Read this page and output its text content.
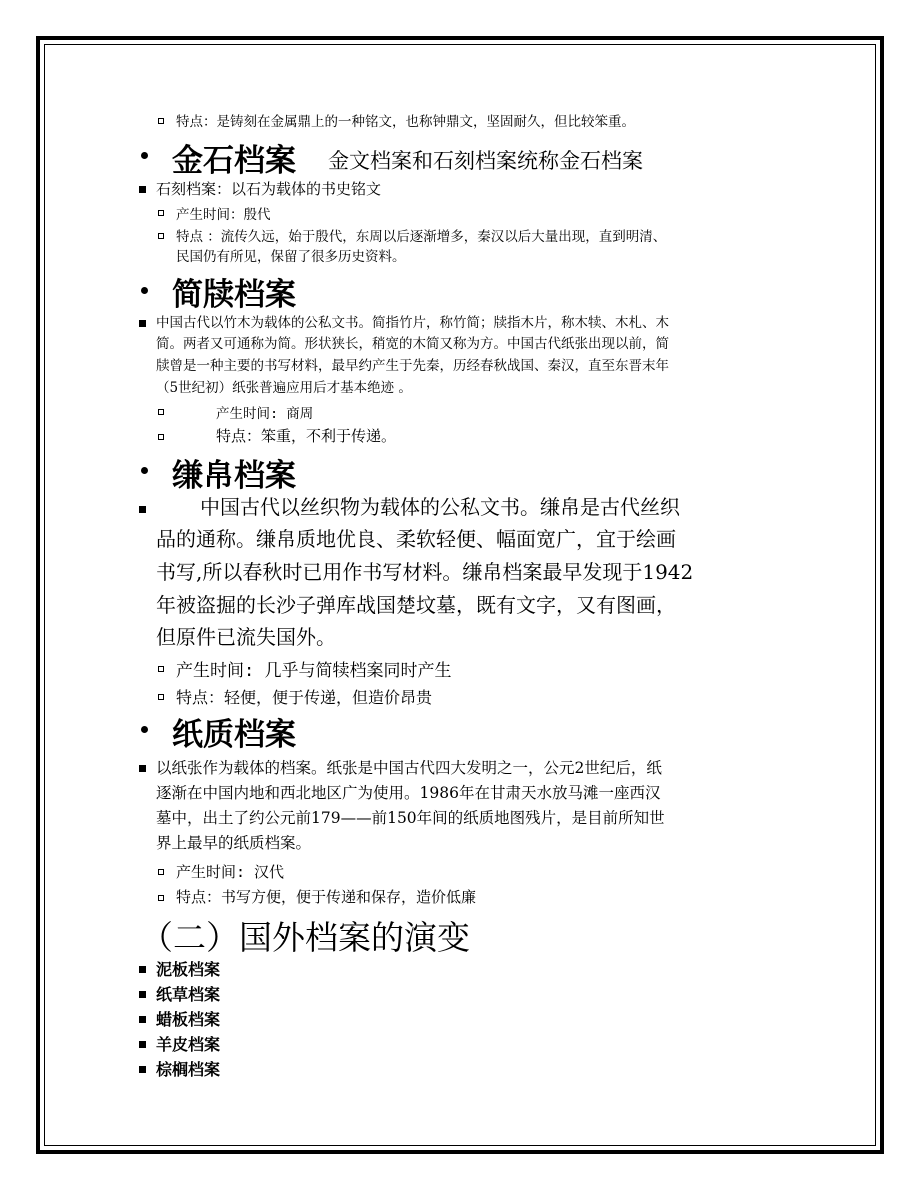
特点：是铸刻在金属鼎上的一种铭文，也称钟鼎文，坚固耐久，但比较笨重。
金石档案 金文档案和石刻档案统称金石档案
石刻档案：以石为载体的书史铭文
产生时间：殷代
特点 ：流传久远，始于殷代，东周以后逐渐增多，秦汉以后大量出现，直到明清、
民国仍有所见，保留了很多历史资料。
简牍档案
中国古代以竹木为载体的公私文书。简指竹片，称竹简；牍指木片，称木犊、木札、木
简。两者又可通称为简。形状狭长，稍宽的木简又称为方。中国古代纸张出现以前，简
牍曾是一种主要的书写材料，最早约产生于先秦，历经春秋战国、秦汉，直至东晋末年
（5世纪初）纸张普遍应用后才基本绝迹 。
产生时间: 商周
特点：笨重，不利于传递。
缣帛档案
中国古代以丝织物为载体的公私文书。缣帛是古代丝织
品的通称。缣帛质地优良、柔软轻便、幅面宽广，宜于绘画
书写,所以春秋时已用作书写材料。缣帛档案最早发现于1942
年被盗掘的长沙子弹库战国楚坟墓，既有文字，又有图画，
但原件已流失国外。
产生时间: 几乎与简犊档案同时产生
特点：轻便，便于传递，但造价昂贵
纸质档案
以纸张作为载体的档案。纸张是中国古代四大发明之一，公元2世纪后，纸
逐渐在中国内地和西北地区广为使用。1986年在甘肃天水放马滩一座西汉
墓中，出土了约公元前179——前150年间的纸质地图残片，是目前所知世
界上最早的纸质档案。
产生时间: 汉代
特点：书写方便，便于传递和保存，造价低廉
（二）国外档案的演变
泥板档案
纸草档案
蜡板档案
羊皮档案
棕榈档案
